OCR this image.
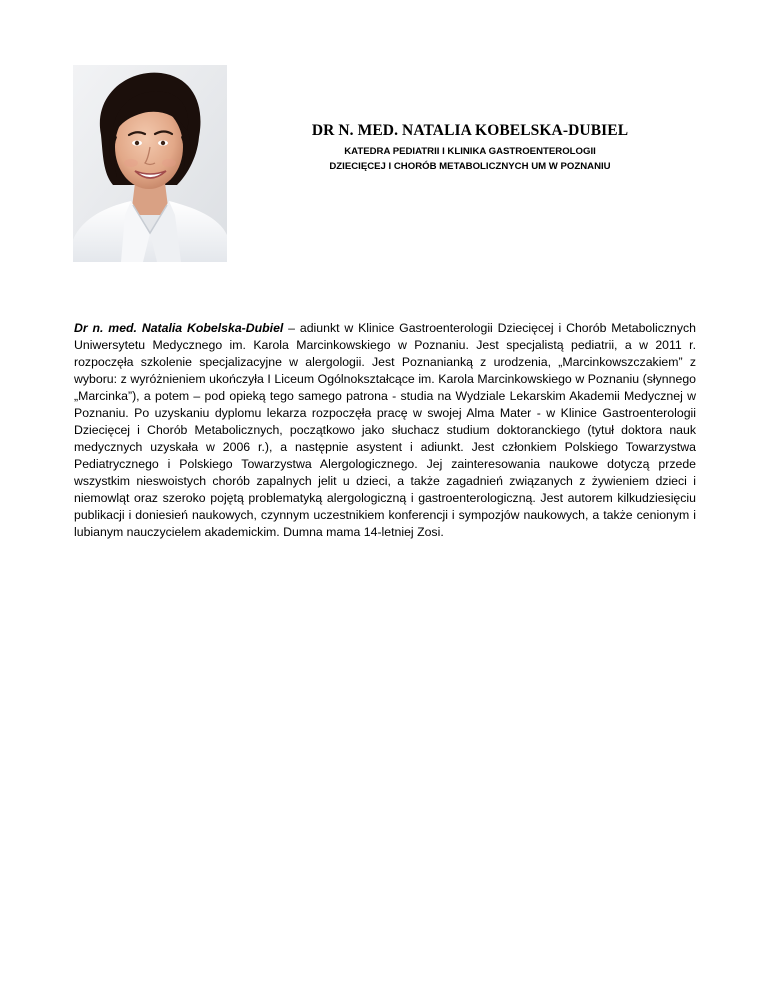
DR N. MED. NATALIA KOBELSKA-DUBIEL

KATEDRA PEDIATRII I KLINIKA GASTROENTEROLOGII

DZIECIĘCEJ I CHORÓB METABOLICZNYCH UM W POZNANIU

Dr n. med. Natalia Kobelska-Dubiel – adiunkt w Klinice Gastroenterologii Dziecięcej i Chorób Metabolicznych Uniwersytetu Medycznego im. Karola Marcinkowskiego w Poznaniu. Jest specjalistą pediatrii, a w 2011 r. rozpoczęła szkolenie specjalizacyjne w alergologii. Jest Poznanianką z urodzenia, „Marcinkowszczakiem” z wyboru: z wyróżnieniem ukończyła I Liceum Ogólnokształcące im. Karola Marcinkowskiego w Poznaniu (słynnego „Marcinka”), a potem – pod opieką tego samego patrona - studia na Wydziale Lekarskim Akademii Medycznej w Poznaniu. Po uzyskaniu dyplomu lekarza rozpoczęła pracę w swojej Alma Mater - w Klinice Gastroenterologii Dziecięcej i Chorób Metabolicznych, początkowo jako słuchacz studium doktoranckiego (tytuł doktora nauk medycznych uzyskała w 2006 r.), a następnie asystent i adiunkt. Jest członkiem Polskiego Towarzystwa Pediatrycznego i Polskiego Towarzystwa Alergologicznego. Jej zainteresowania naukowe dotyczą przede wszystkim nieswoistych chorób zapalnych jelit u dzieci, a także zagadnień związanych z żywieniem dzieci i niemowląt oraz szeroko pojętą problematyką alergologiczną i gastroenterologiczną. Jest autorem kilkudziesięciu publikacji i doniesień naukowych, czynnym uczestnikiem konferencji i sympozjów naukowych, a także cenionym i lubianym nauczycielem akademickim. Dumna mama 14-letniej Zosi.
